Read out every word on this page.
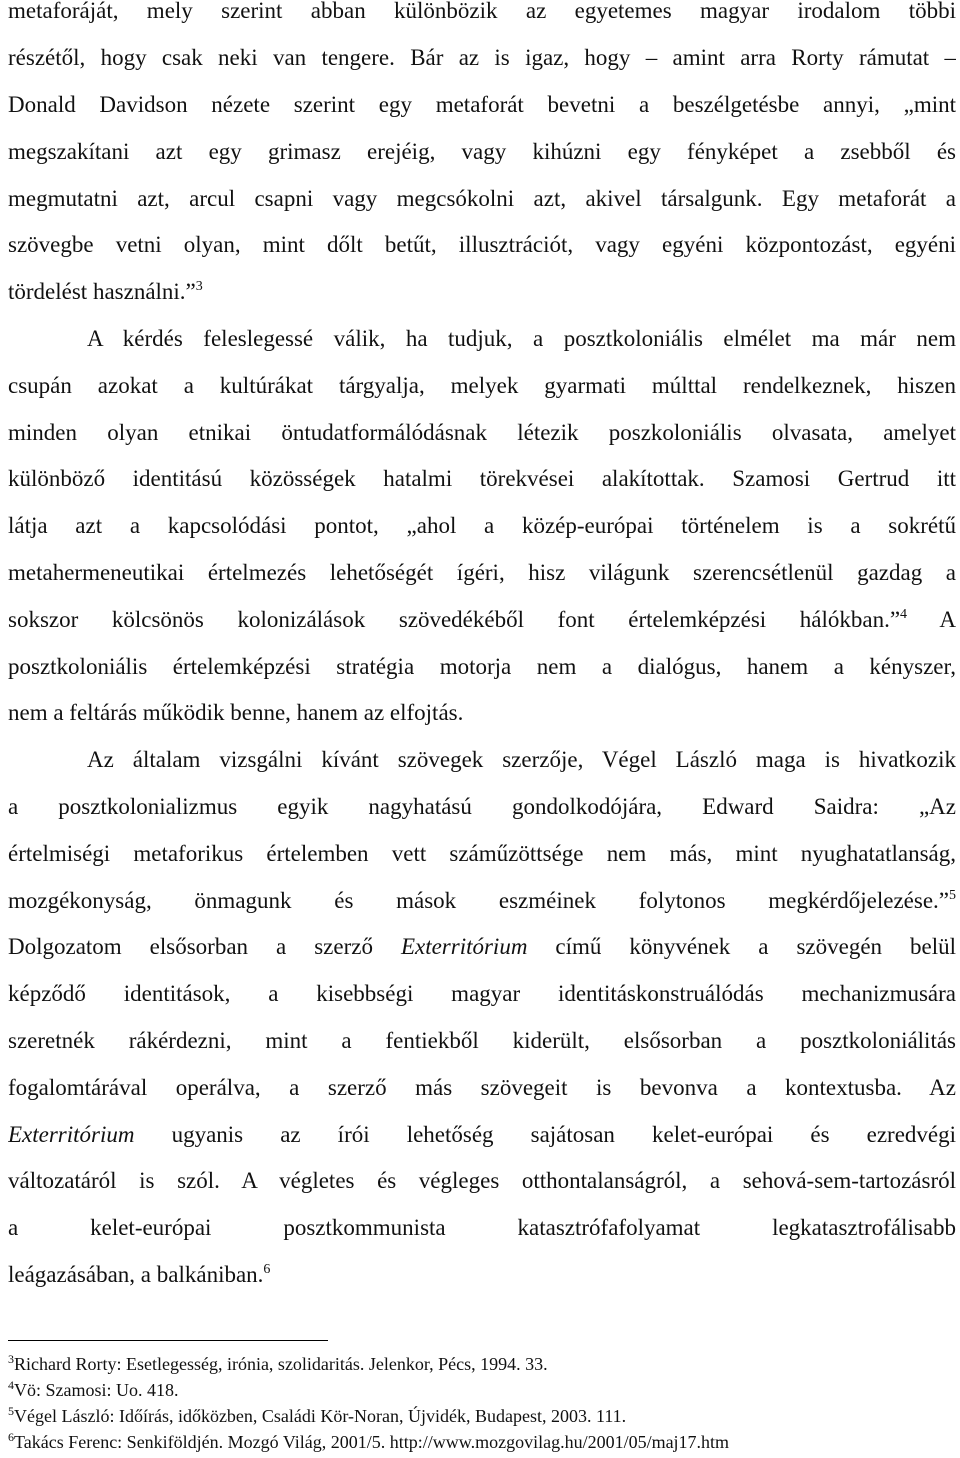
metaforáját, mely szerint abban különbözik az egyetemes magyar irodalom többi
részétől, hogy csak neki van tengere. Bár az is igaz, hogy – amint arra Rorty rámutat –
Donald Davidson nézete szerint egy metaforát bevetni a beszélgetésbe annyi, „mint
megszakítani azt egy grimasz erejéig, vagy kihúzni egy fényképet a zsebből és
megmutatni azt, arcul csapni vagy megcsókolni azt, akivel társalgunk. Egy metaforát a
szövegbe vetni olyan, mint dőlt betűt, illusztrációt, vagy egyéni központozást, egyéni
tördelést használni.”$^3$
A kérdés feleslegessé válik, ha tudjuk, a posztkoloniális elmélet ma már nem
csupán azokat a kultúrákat tárgyalja, melyek gyarmati múlttal rendelkeznek, hiszen
minden olyan etnikai öntudatformálódásnak létezik poszkoloniális olvasata, amelyet
különböző identitású közösségek hatalmi törekvései alakítottak. Szamosi Gertrud itt
látja azt a kapcsolódási pontot, „ahol a közép-európai történelem is a sokrétű
metahermeneutikai értelmezés lehetőségét ígéri, hisz világunk szerencsétlenül gazdag a
sokszor kölcsönös kolonizálások szövedékéből font értelemképzési hálókban.”$^4$ A
posztkoloniális értelemképzési stratégia motorja nem a dialógus, hanem a kényszer,
nem a feltárás működik benne, hanem az elfojtás.
Az általam vizsgálni kívánt szövegek szerzője, Végel László maga is hivatkozik
a posztkolonializmus egyik nagyhatású gondolkodójára, Edward Saidra: „Az
értelmiségi metaforikus értelemben vett száműzöttsége nem más, mint nyughatatlanság,
mozgékonyság, önmagunk és mások eszméinek folytonos megkérdőjelezése.”$^5$
Dolgozatom elsősorban a szerző Exterritórium című könyvének a szövegén belül
képződő identitások, a kisebbségi magyar identitáskonstruálódás mechanizmusára
szeretnék rákérdezni, mint a fentiekből kiderült, elsősorban a posztkoloniálitás
fogalomtárával operálva, a szerző más szövegeit is bevonva a kontextusba. Az
Exterritórium ugyanis az írói lehetőség sajátosan kelet-európai és ezredvégi
változatáról is szól. A végletes és végleges otthontalanságról, a sehová-sem-tartozásról
a kelet-európai posztkommunista katasztrófafolyamat legkatasztrofálisabb
leágazásában, a balkániban.$^6$
$^3$Richard Rorty: Esetlegesség, irónia, szolidaritás. Jelenkor, Pécs, 1994. 33.
$^4$Vö: Szamosi: Uo. 418.
$^5$Végel László: Időírás, időközben, Családi Kör-Noran, Újvidék, Budapest, 2003. 111.
$^6$Takács Ferenc: Senkiföldjén. Mozgó Világ, 2001/5. http://www.mozgovilag.hu/2001/05/maj17.htm
